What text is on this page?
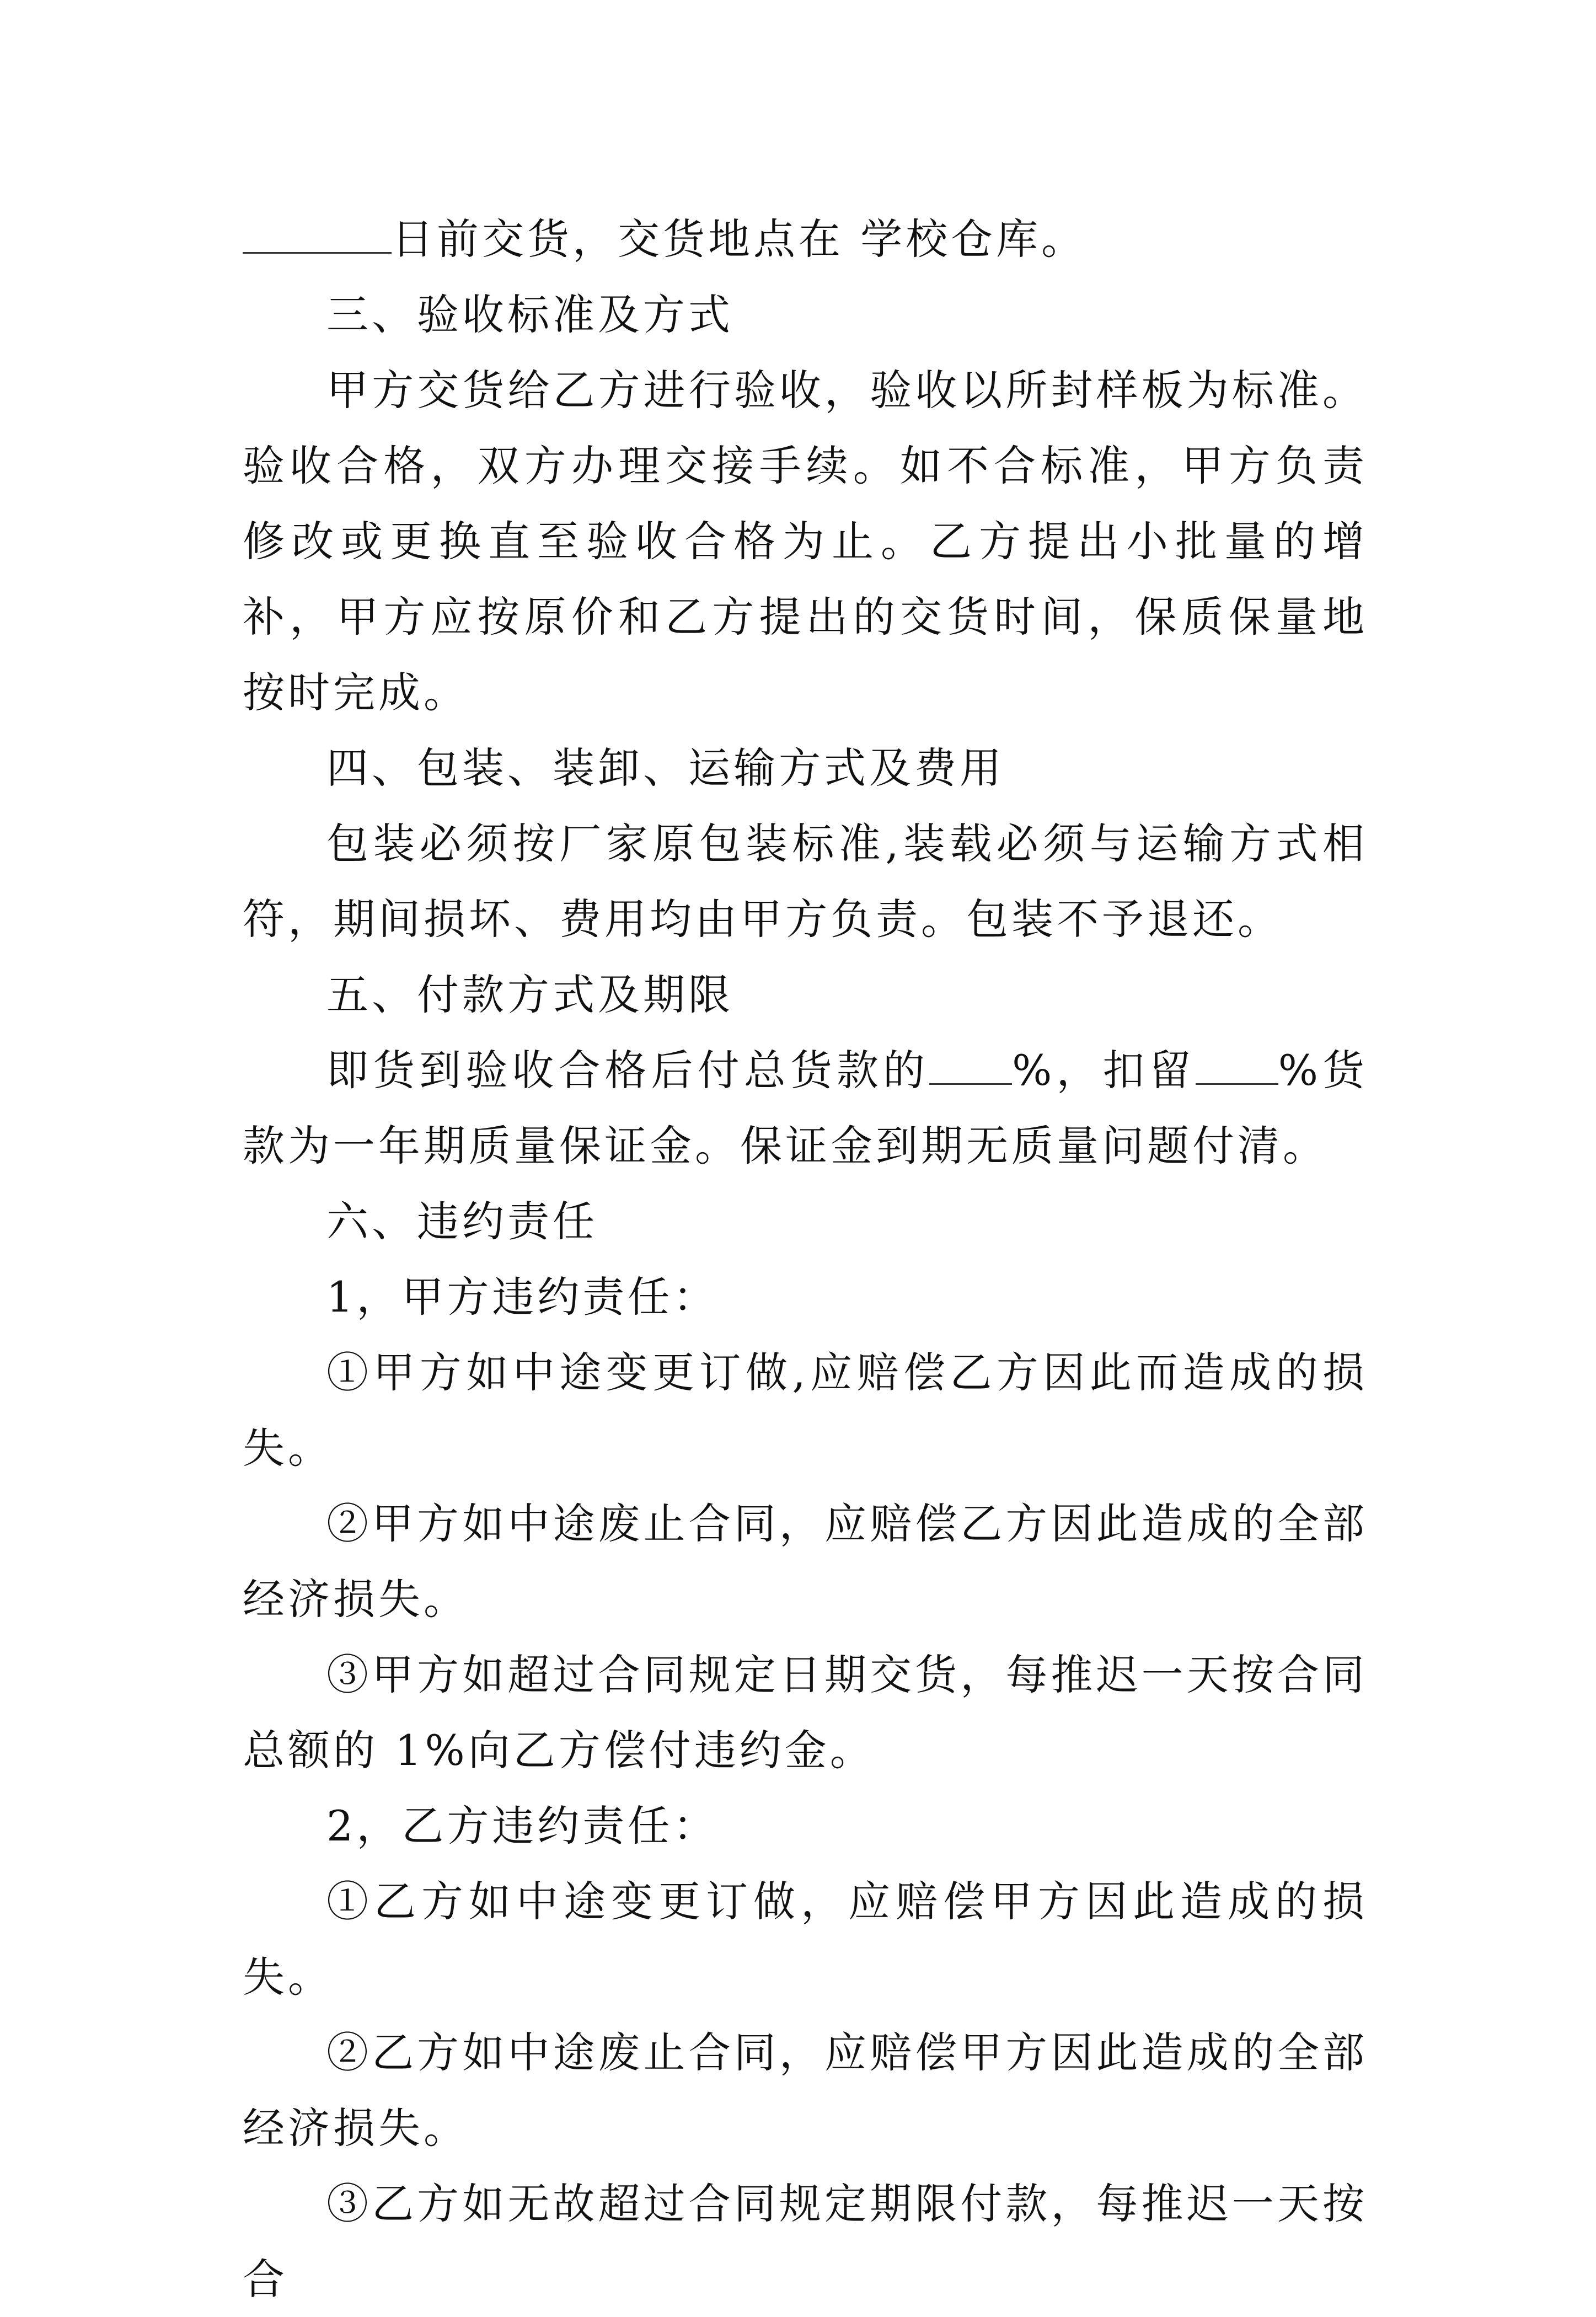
日前交货，交货地点在 学校仓库。

三、验收标准及方式

甲方交货给乙方进行验收，验收以所封样板为标准。验收合格，双方办理交接手续。如不合标准，甲方负责修改或更换直至验收合格为止。乙方提出小批量的增补，甲方应按原价和乙方提出的交货时间，保质保量地按时完成。

四、包装、装卸、运输方式及费用

包装必须按厂家原包装标准,装载必须与运输方式相符，期间损坏、费用均由甲方负责。包装不予退还。

五、付款方式及期限

即货到验收合格后付总货款的 %，扣留 %货款为一年期质量保证金。保证金到期无质量问题付清。

六、违约责任

1，甲方违约责任：

①甲方如中途变更订做,应赔偿乙方因此而造成的损失。

②甲方如中途废止合同，应赔偿乙方因此造成的全部经济损失。

③甲方如超过合同规定日期交货，每推迟一天按合同总额的 1%向乙方偿付违约金。

2，乙方违约责任：

①乙方如中途变更订做，应赔偿甲方因此造成的损失。

②乙方如中途废止合同，应赔偿甲方因此造成的全部经济损失。

③乙方如无故超过合同规定期限付款，每推迟一天按合
